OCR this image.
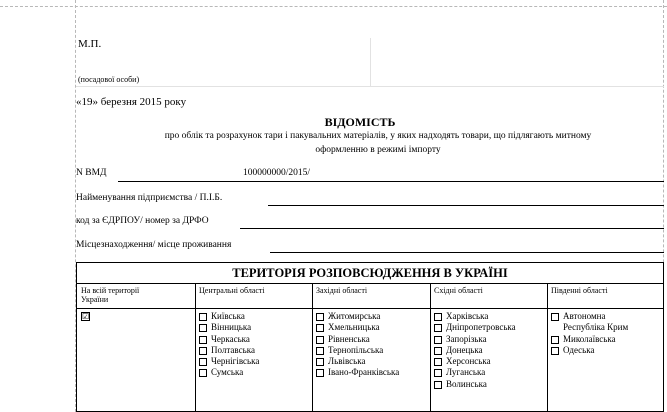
М.П.
(посадової особи)
«19» березня 2015 року
ВІДОМІСТЬ
про облік та розрахунок тари і пакувальних матеріалів, у яких надходять товари, що підлягають митному
оформленню в режимі імпорту
N ВМД	100000000/2015/
Найменування підприємства / П.І.Б.
код за ЄДРПОУ/ номер за ДРФО
Місцезнаходження/ місце проживання
ТЕРИТОРІЯ РОЗПОВСЮДЖЕННЯ В УКРАЇНІ
На всій території
України
☑
Центральні області
Київська
Вінницька
Черкаська
Полтавська
Чернігівська
Сумська
Західні області
Житомирська
Хмельницька
Рівненська
Тернопільська
Львівська
Івано-Франківська
Східні області
Харківська
Дніпропетровська
Запорізька
Донецька
Херсонська
Луганська
Волинська
Південні області
Автономна
Республіка Крим
Миколаївська
Одеська
